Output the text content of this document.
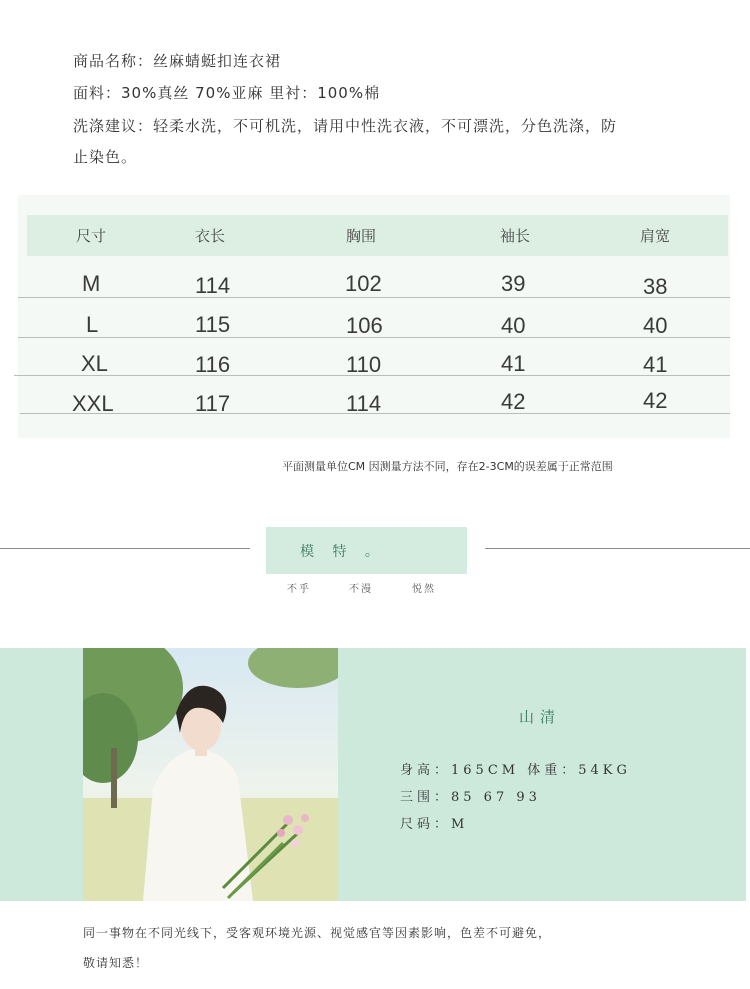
商品名称：丝麻蜻蜓扣连衣裙
面料：30%真丝 70%亚麻 里衬：100%棉
洗涤建议：轻柔水洗，不可机洗，请用中性洗衣液，不可漂洗，分色洗涤，防
止染色。
尺寸	衣长	胸围	袖长	肩宽
M	114	102	39	38
L	115	106	40	40
XL	116	110	41	41
XXL	117	114	42	42
平面测量单位CM 因测量方法不同，存在2-3CM的误差属于正常范围
模 特 。
不乎	不漫	悦然
山清
身高：165CM 体重：54KG
三围：85 67 93
尺码：M
同一事物在不同光线下，受客观环境光源、视觉感官等因素影响，色差不可避免，
敬请知悉！
